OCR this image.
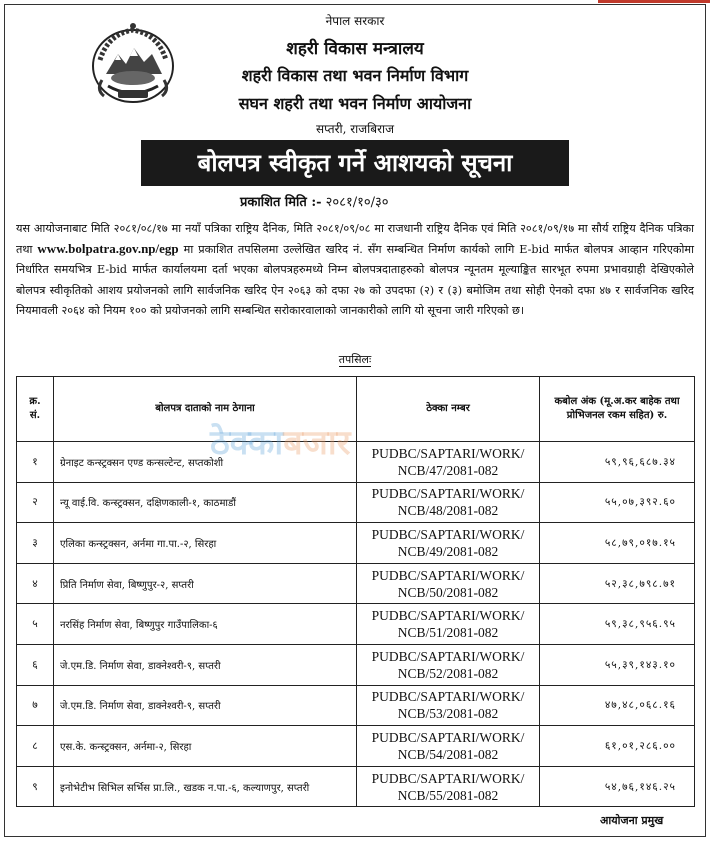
नेपाल सरकार
शहरी विकास मन्त्रालय
शहरी विकास तथा भवन निर्माण विभाग
सघन शहरी तथा भवन निर्माण आयोजना
सप्तरी, राजबिराज
बोलपत्र स्वीकृत गर्ने आशयको सूचना
प्रकाशित मिति :- २०८१/१०/३०
यस आयोजनाबाट मिति २०८१/०८/१७ मा नयाँ पत्रिका राष्ट्रिय दैनिक, मिति २०८१/०९/०८ मा राजधानी राष्ट्रिय दैनिक एवं मिति २०८१/०९/१७ मा सौर्य राष्ट्रिय दैनिक पत्रिका तथा www.bolpatra.gov.np/egp मा प्रकाशित तपसिलमा उल्लेखित खरिद नं. सँग सम्बन्धित निर्माण कार्यको लागि E-bid मार्फत बोलपत्र आव्हान गरिएकोमा निर्धारित समयभित्र E-bid मार्फत कार्यालयमा दर्ता भएका बोलपत्रहरुमध्ये निम्न बोलपत्रदाताहरुको बोलपत्र न्यूनतम मूल्याङ्कित सारभूत रुपमा प्रभावग्राही देखिएकोले बोलपत्र स्वीकृतिको आशय प्रयोजनको लागि सार्वजनिक खरिद ऐन २०६३ को दफा २७ को उपदफा (२) र (३) बमोजिम तथा सोही ऐनको दफा ४७ र सार्वजनिक खरिद नियमावली २०६४ को नियम १०० को प्रयोजनको लागि सम्बन्धित सरोकारवालाको जानकारीको लागि यो सूचना जारी गरिएको छ।
तपसिलः
क्र. सं.	बोलपत्र दाताको नाम ठेगाना	ठेक्का नम्बर	कबोल अंक (मू.अ.कर बाहेक तथा प्रोभिजनल रकम सहित) रु.
१	ग्रेनाइट कन्स्ट्रक्सन एण्ड कन्सल्टेन्ट, सप्तकोशी	PUDBC/SAPTARI/WORK/
NCB/47/2081-082	५९,९६,६८७.३४
२	न्यू वाई.वि. कन्स्ट्रक्सन, दक्षिणकाली-१, काठमाडौं	PUDBC/SAPTARI/WORK/
NCB/48/2081-082	५५,०७,३९२.६०
३	एलिका कन्स्ट्रक्सन, अर्नमा गा.पा.-२, सिरहा	PUDBC/SAPTARI/WORK/
NCB/49/2081-082	५८,७९,०१७.१५
४	प्रिति निर्माण सेवा, बिष्णुपुर-२, सप्तरी	PUDBC/SAPTARI/WORK/
NCB/50/2081-082	५२,३८,७९८.७१
५	नरसिंह निर्माण सेवा, बिष्णुपुर गाउँपालिका-६	PUDBC/SAPTARI/WORK/
NCB/51/2081-082	५९,३८,९५६.९५
६	जे.एम.डि. निर्माण सेवा, डाक्नेश्वरी-९, सप्तरी	PUDBC/SAPTARI/WORK/
NCB/52/2081-082	५५,३९,१४३.१०
७	जे.एम.डि. निर्माण सेवा, डाक्नेश्वरी-९, सप्तरी	PUDBC/SAPTARI/WORK/
NCB/53/2081-082	४७,४८,०६८.१६
८	एस.के. कन्स्ट्रक्सन, अर्नमा-२, सिरहा	PUDBC/SAPTARI/WORK/
NCB/54/2081-082	६१,०१,२८६.००
९	इनोभेटीभ सिभिल सर्भिस प्रा.लि., खडक न.पा.-६, कल्याणपुर, सप्तरी	PUDBC/SAPTARI/WORK/
NCB/55/2081-082	५४,७६,१४६.२५
ठेक्काबजार
आयोजना प्रमुख
